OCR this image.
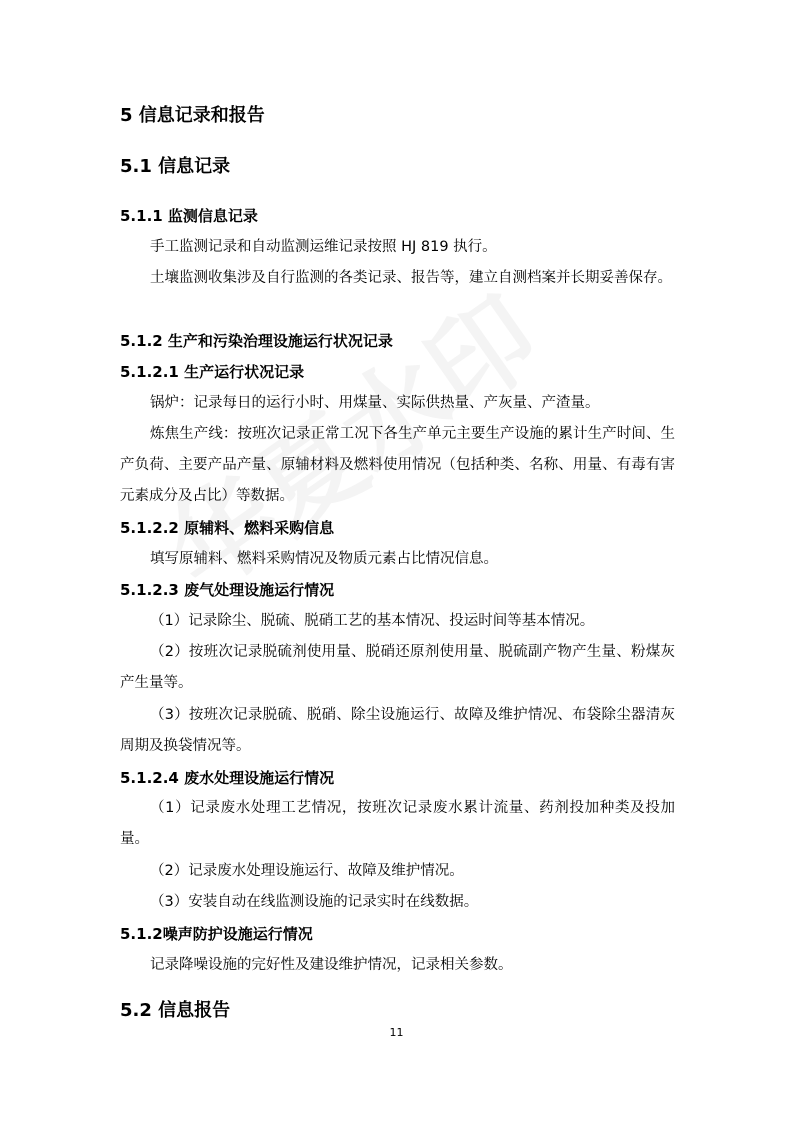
5 信息记录和报告
5.1 信息记录
5.1.1 监测信息记录

手工监测记录和自动监测运维记录按照 HJ 819 执行。

土壤监测收集涉及自行监测的各类记录、报告等，建立自测档案并长期妥善保存。

5.1.2 生产和污染治理设施运行状况记录
5.1.2.1 生产运行状况记录

锅炉：记录每日的运行小时、用煤量、实际供热量、产灰量、产渣量。

炼焦生产线：按班次记录正常工况下各生产单元主要生产设施的累计生产时间、生产负荷、主要产品产量、原辅材料及燃料使用情况（包括种类、名称、用量、有毒有害元素成分及占比）等数据。

5.1.2.2 原辅料、燃料采购信息

填写原辅料、燃料采购情况及物质元素占比情况信息。

5.1.2.3 废气处理设施运行情况

（1）记录除尘、脱硫、脱硝工艺的基本情况、投运时间等基本情况。

（2）按班次记录脱硫剂使用量、脱硝还原剂使用量、脱硫副产物产生量、粉煤灰产生量等。

（3）按班次记录脱硫、脱硝、除尘设施运行、故障及维护情况、布袋除尘器清灰周期及换袋情况等。

5.1.2.4 废水处理设施运行情况

（1）记录废水处理工艺情况，按班次记录废水累计流量、药剂投加种类及投加量。

（2）记录废水处理设施运行、故障及维护情况。

（3）安装自动在线监测设施的记录实时在线数据。

5.1.2噪声防护设施运行情况

记录降噪设施的完好性及建设维护情况，记录相关参数。

5.2 信息报告
11
